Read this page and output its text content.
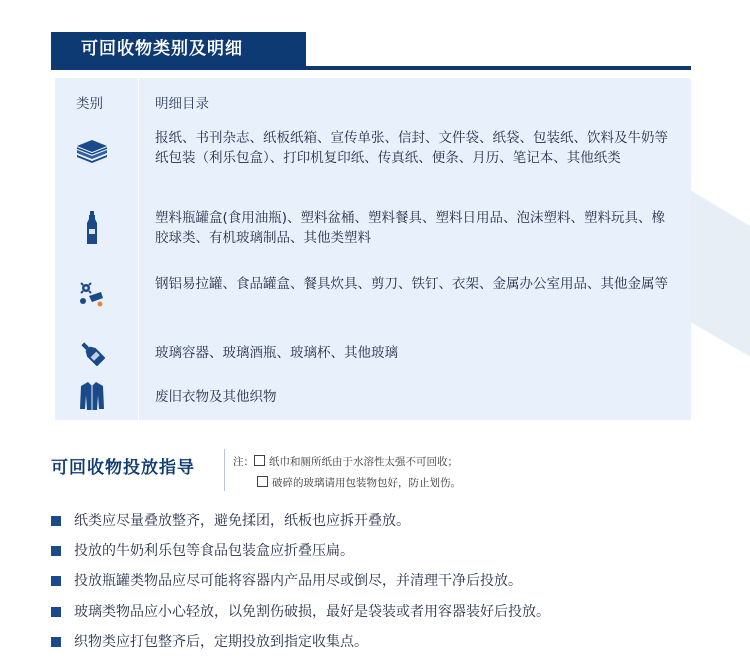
可回收物类别及明细
类别	明细目录
报纸、书刊杂志、纸板纸箱、宣传单张、信封、文件袋、纸袋、包装纸、饮料及牛奶等纸包装（利乐包盒）、打印机复印纸、传真纸、便条、月历、笔记本、其他纸类
塑料瓶罐盒(食用油瓶)、塑料盆桶、塑料餐具、塑料日用品、泡沫塑料、塑料玩具、橡胶球类、有机玻璃制品、其他类塑料
钢铝易拉罐、食品罐盒、餐具炊具、剪刀、铁钉、衣架、金属办公室用品、其他金属等
玻璃容器、玻璃酒瓶、玻璃杯、其他玻璃
废旧衣物及其他织物
可回收物投放指导	注： 纸巾和厕所纸由于水溶性太强不可回收；
破碎的玻璃请用包装物包好，防止划伤。
纸类应尽量叠放整齐，避免揉团，纸板也应拆开叠放。
投放的牛奶利乐包等食品包装盒应折叠压扁。
投放瓶罐类物品应尽可能将容器内产品用尽或倒尽，并清理干净后投放。
玻璃类物品应小心轻放，以免割伤破损，最好是袋装或者用容器装好后投放。
织物类应打包整齐后，定期投放到指定收集点。
